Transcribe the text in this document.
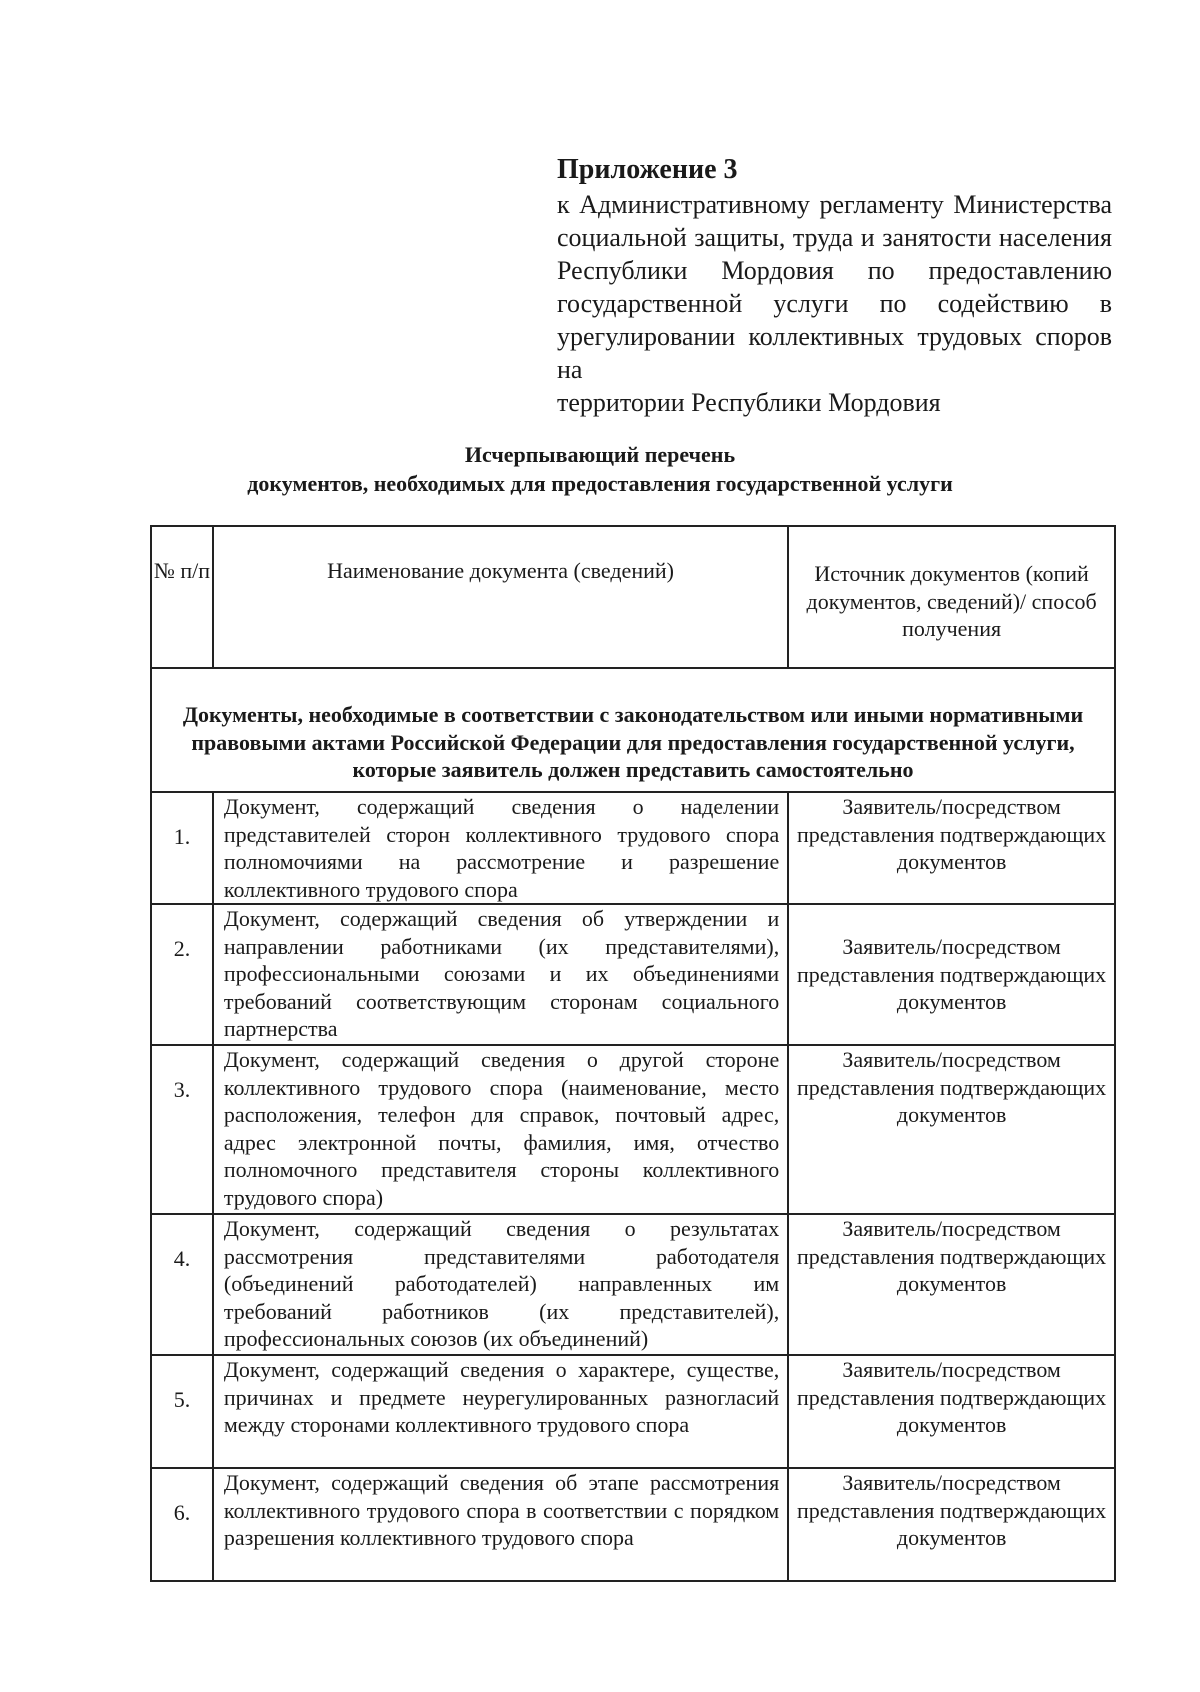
Приложение 3
к Административному регламенту Министерства социальной защиты, труда и занятости населения Республики Мордовия по предоставлению государственной услуги по содействию в урегулировании коллективных трудовых споров на
территории Республики Мордовия
Исчерпывающий перечень
документов, необходимых для предоставления государственной услуги
№ п/п	Наименование документа (сведений)	Источник документов (копий документов, сведений)/ способ получения
Документы, необходимые в соответствии с законодательством или иными нормативными правовыми актами Российской Федерации для предоставления государственной услуги, которые заявитель должен представить самостоятельно		
1.	Документ, содержащий сведения о наделении представителей сторон коллективного трудового спора полномочиями на рассмотрение и разрешение коллективного трудового спора	Заявитель/посредством представления подтверждающих документов
2.	Документ, содержащий сведения об утверждении и направлении работниками (их представителями), профессиональными союзами и их объединениями требований соответствующим сторонам социального партнерства	Заявитель/посредством представления подтверждающих документов
3.	Документ, содержащий сведения о другой стороне коллективного трудового спора (наименование, место расположения, телефон для справок, почтовый адрес, адрес электронной почты, фамилия, имя, отчество полномочного представителя стороны коллективного трудового спора)	Заявитель/посредством представления подтверждающих документов
4.	Документ, содержащий сведения о результатах рассмотрения представителями работодателя (объединений работодателей) направленных им требований работников (их представителей), профессиональных союзов (их объединений)	Заявитель/посредством представления подтверждающих документов
5.	Документ, содержащий сведения о характере, существе, причинах и предмете неурегулированных разногласий между сторонами коллективного трудового спора	Заявитель/посредством представления подтверждающих документов
6.	Документ, содержащий сведения об этапе рассмотрения коллективного трудового спора в соответствии с порядком разрешения коллективного трудового спора	Заявитель/посредством представления подтверждающих документов
